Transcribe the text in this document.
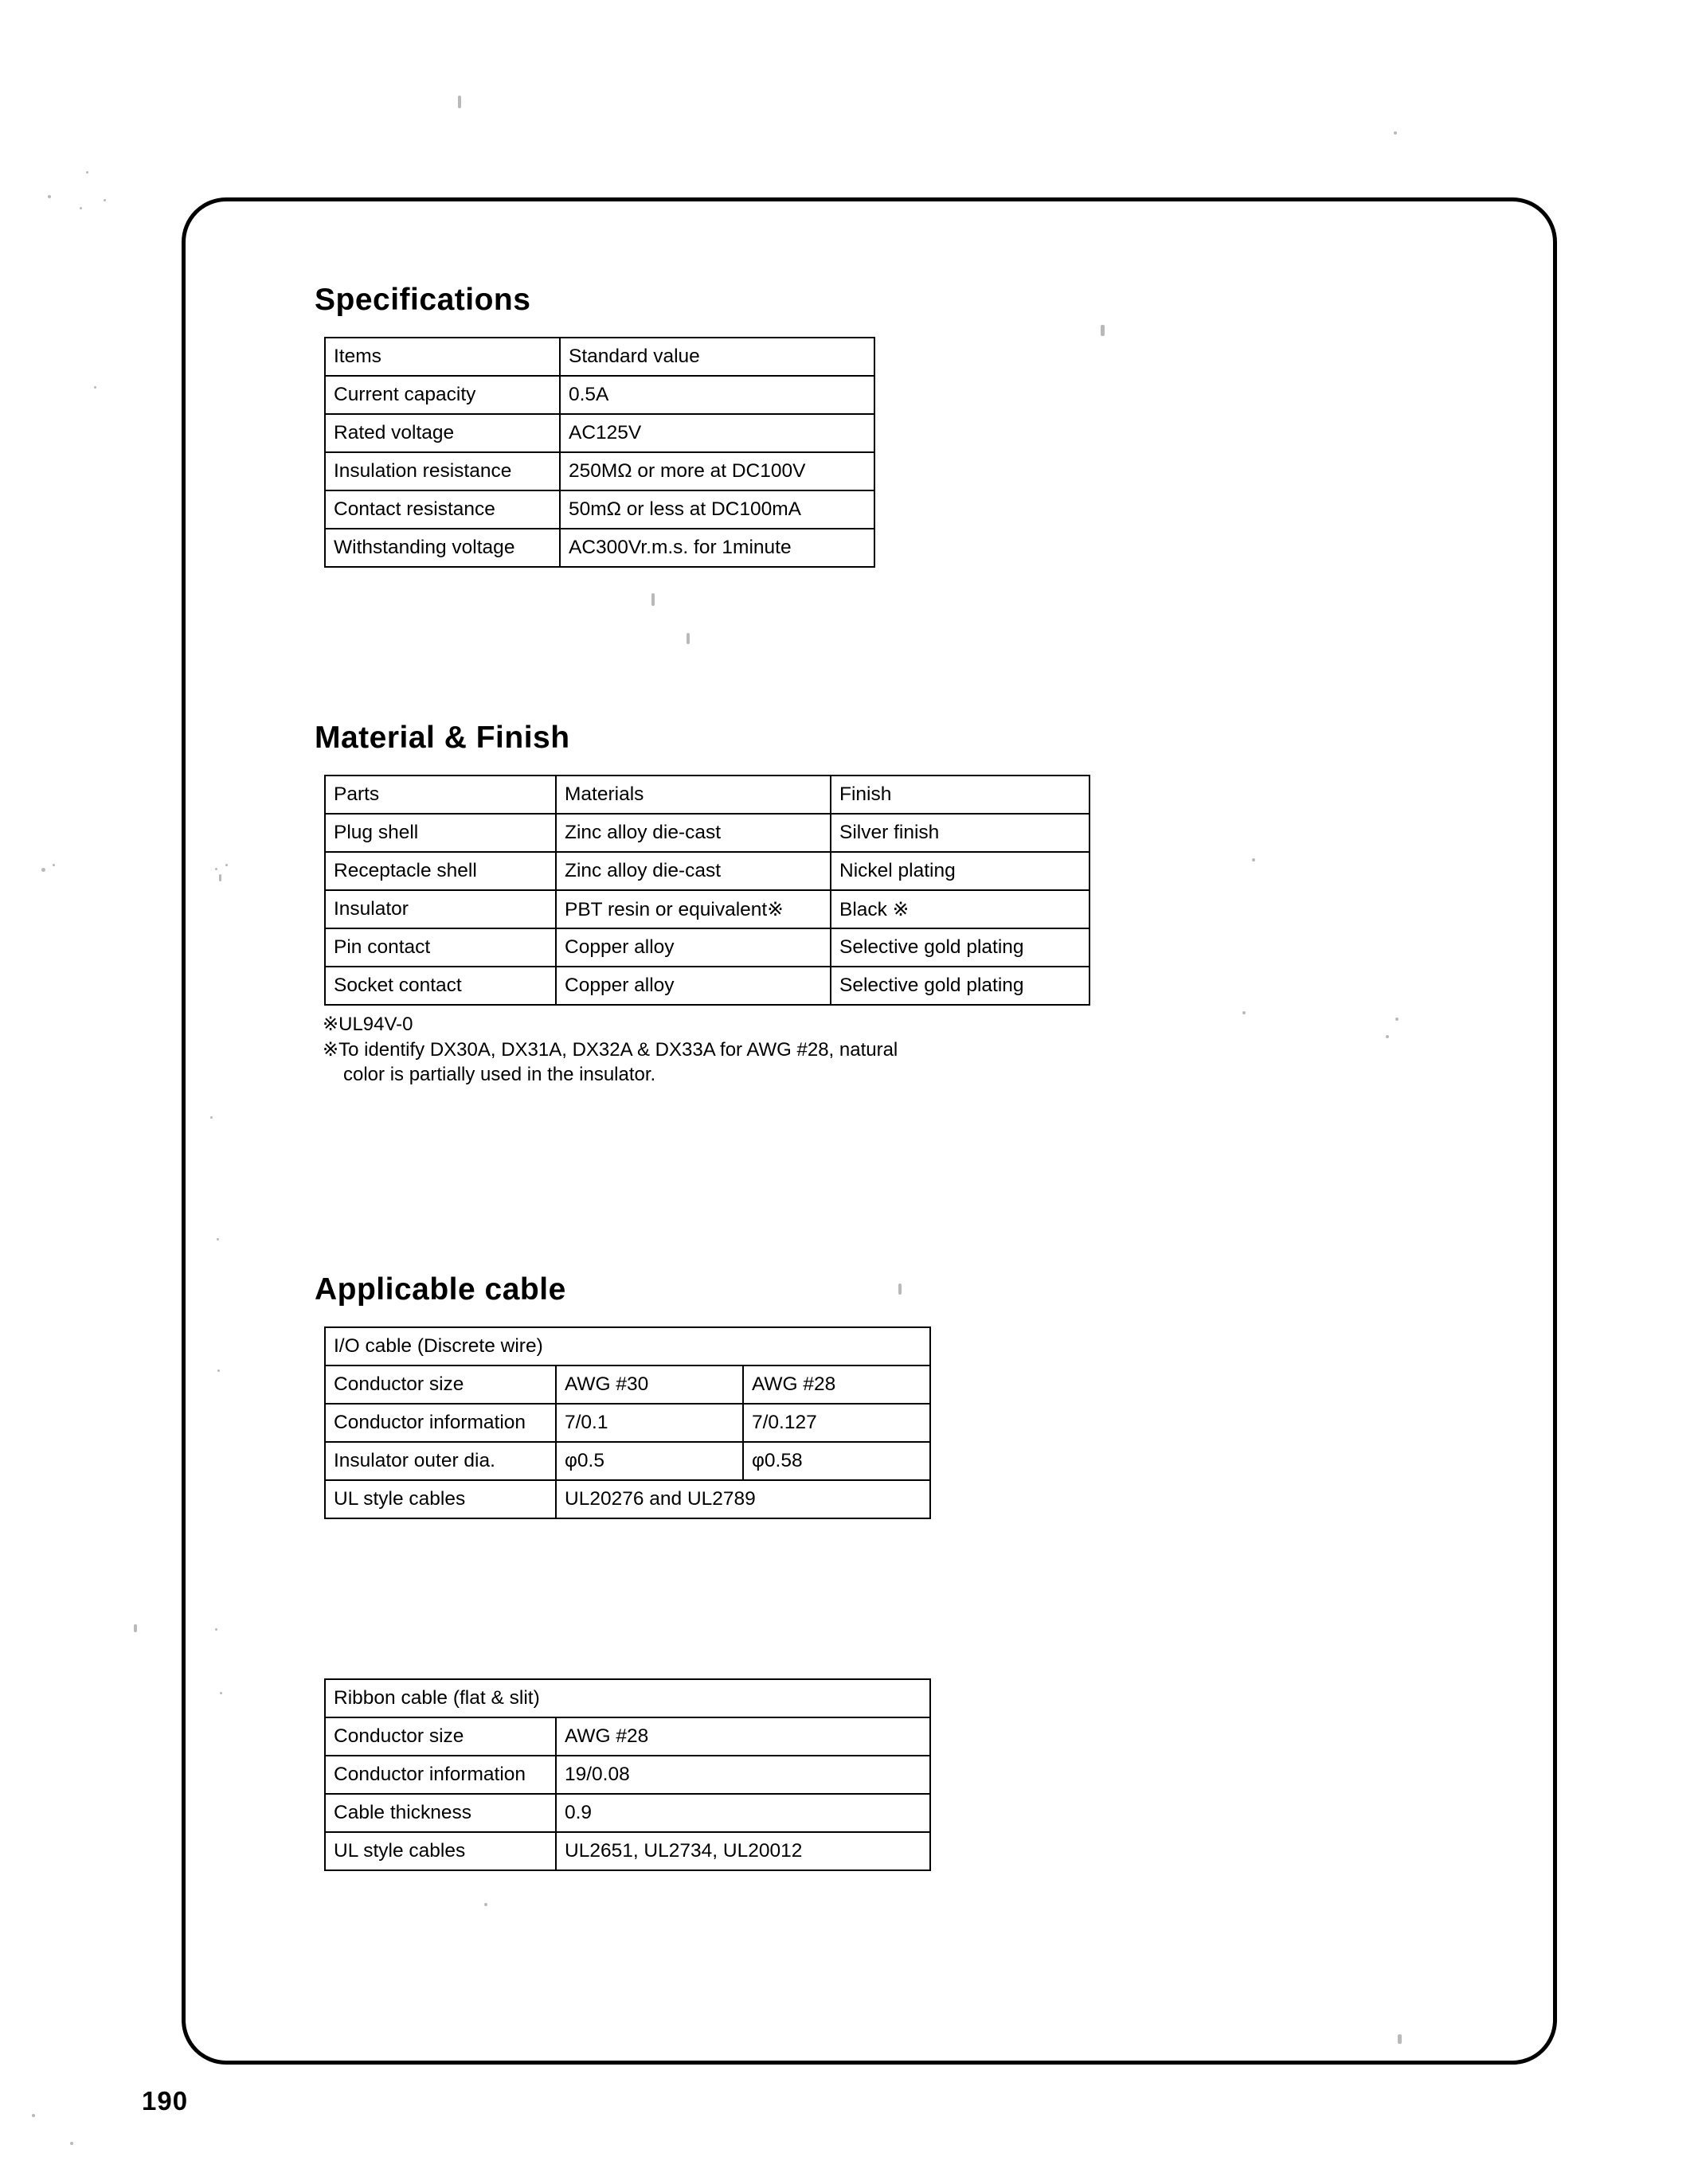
Specifications
Items	Standard value
Current capacity	0.5A
Rated voltage	AC125V
Insulation resistance	250MΩ or more at DC100V
Contact resistance	50mΩ or less at DC100mA
Withstanding voltage	AC300Vr.m.s. for 1minute
Material & Finish
Parts	Materials	Finish
Plug shell	Zinc alloy die-cast	Silver finish
Receptacle shell	Zinc alloy die-cast	Nickel plating
Insulator	PBT resin or equivalent※	Black ※
Pin contact	Copper alloy	Selective gold plating
Socket contact	Copper alloy	Selective gold plating
※UL94V-0
※To identify DX30A, DX31A, DX32A & DX33A for AWG #28, natural
color is partially used in the insulator.
Applicable cable
I/O cable (Discrete wire)		
Conductor size	AWG #30	AWG #28
Conductor information	7/0.1	7/0.127
Insulator outer dia.	φ0.5	φ0.58
UL style cables	UL20276 and UL2789	
Ribbon cable (flat & slit)	
Conductor size	AWG #28
Conductor information	19/0.08
Cable thickness	0.9
UL style cables	UL2651, UL2734, UL20012
190
